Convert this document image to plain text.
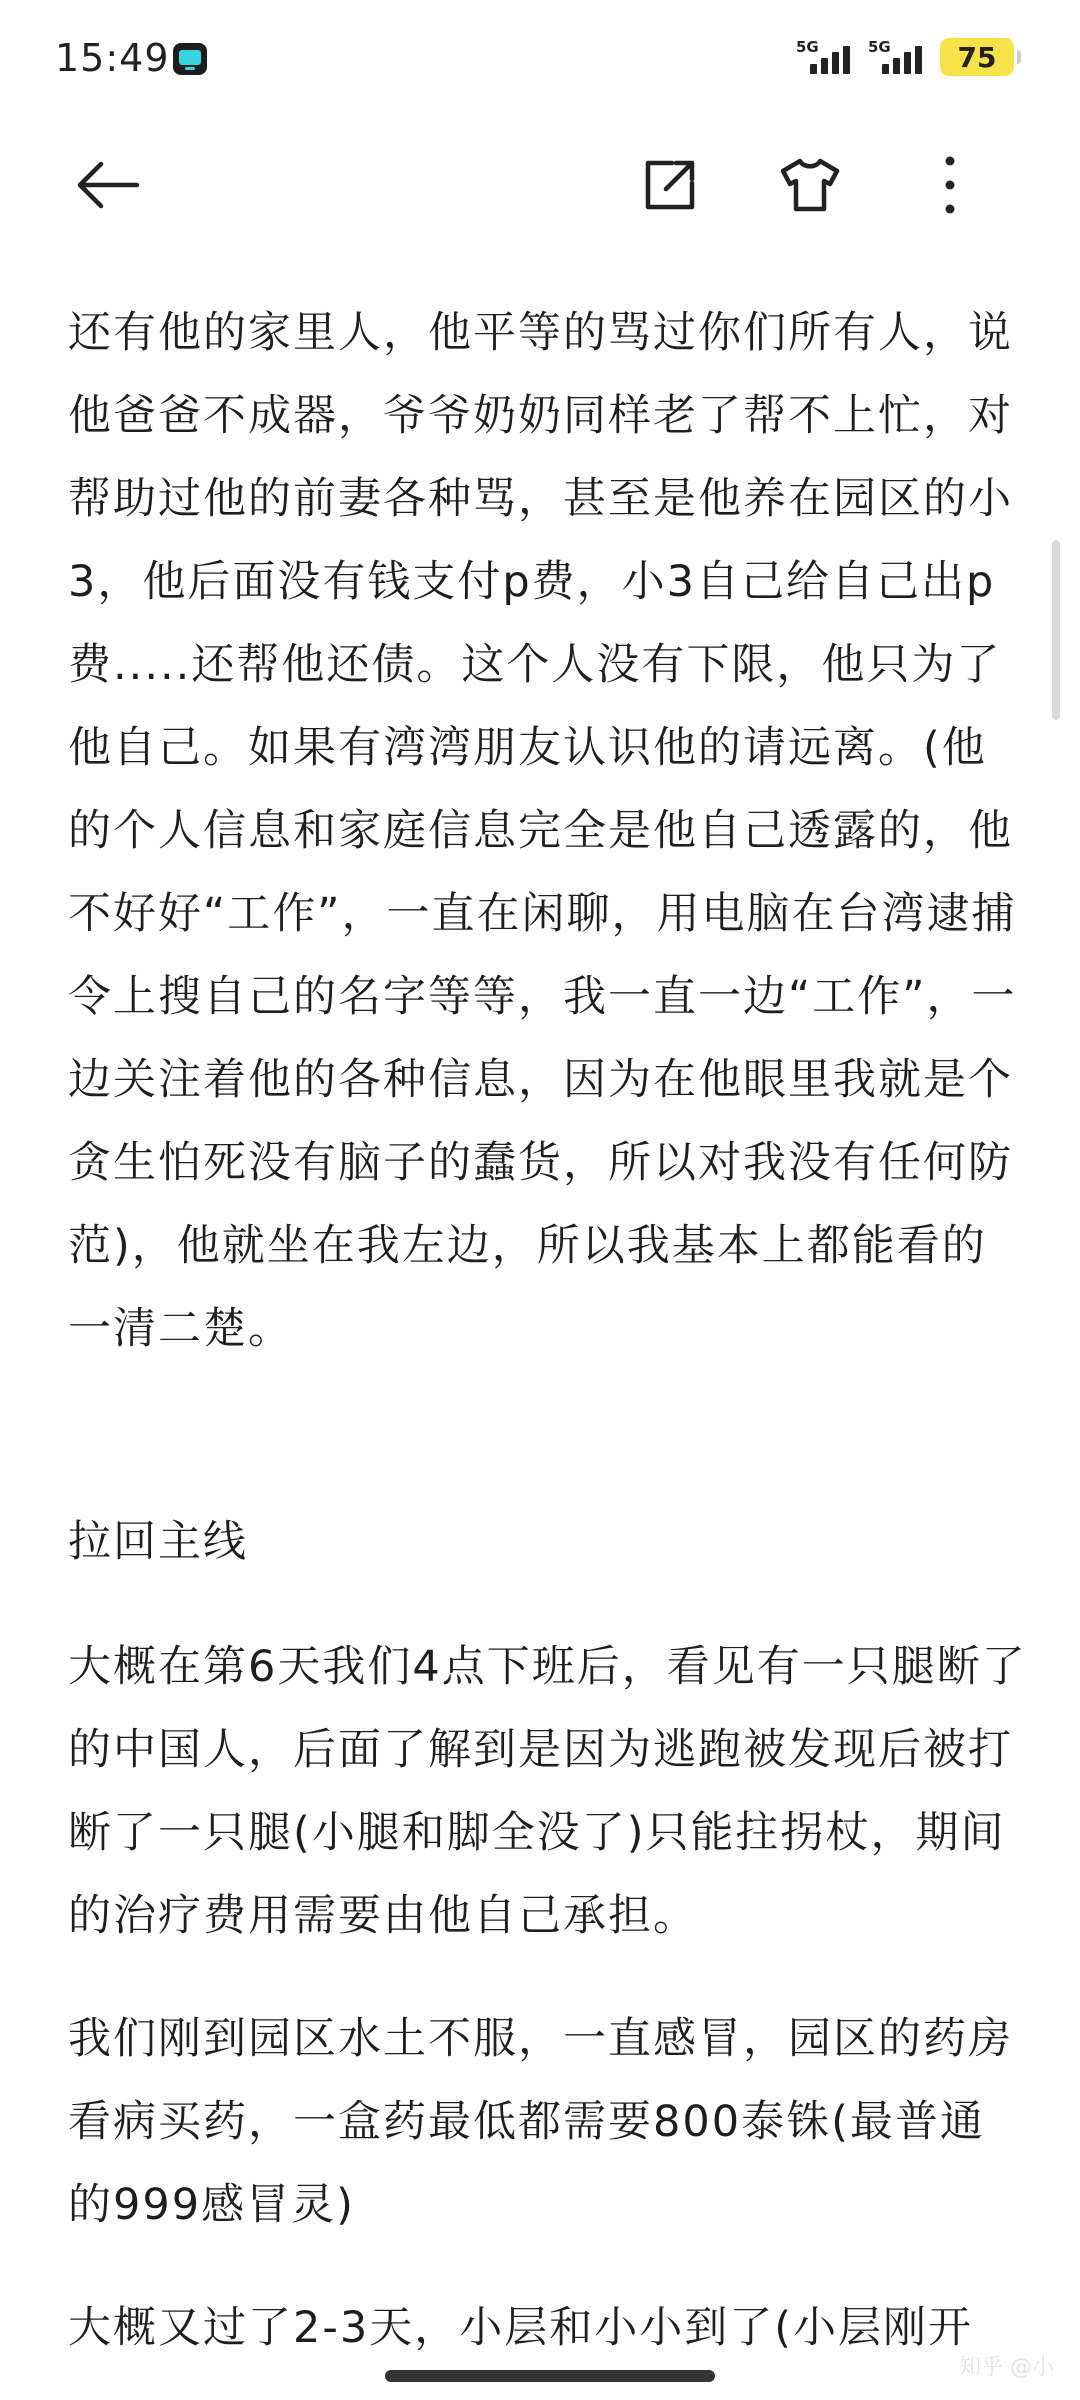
15:49	5G	5G 75

还有他的家里人，他平等的骂过你们所有人，说他爸爸不成器，爷爷奶奶同样老了帮不上忙，对帮助过他的前妻各种骂，甚至是他养在园区的小3，他后面没有钱支付p费，小3自己给自己出p费.....还帮他还债。这个人没有下限，他只为了他自己。如果有湾湾朋友认识他的请远离。(他的个人信息和家庭信息完全是他自己透露的，他不好好“工作”，一直在闲聊，用电脑在台湾逮捕令上搜自己的名字等等，我一直一边“工作”，一边关注着他的各种信息，因为在他眼里我就是个贪生怕死没有脑子的蠢货，所以对我没有任何防范)，他就坐在我左边，所以我基本上都能看的一清二楚。

拉回主线

大概在第6天我们4点下班后，看见有一只腿断了的中国人，后面了解到是因为逃跑被发现后被打断了一只腿(小腿和脚全没了)只能拄拐杖，期间的治疗费用需要由他自己承担。

我们刚到园区水土不服，一直感冒，园区的药房看病买药，一盒药最低都需要800泰铢(最普通的999感冒灵)

大概又过了2-3天，小层和小小到了(小层刚开

知乎 @小
